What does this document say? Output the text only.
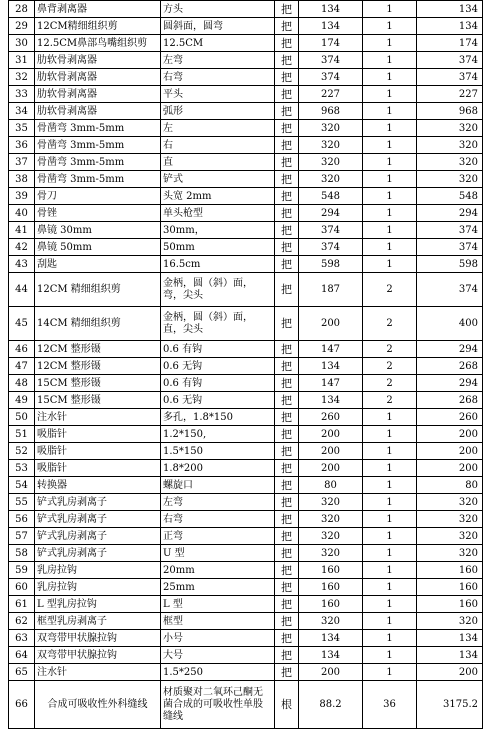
28	鼻背剥离器	方头	把	134	1	134
29	12CM精细组织剪	圆斜面，圆弯	把	134	1	134
30	12.5CM鼻部鸟嘴组织剪	12.5CM	把	174	1	174
31	肋软骨剥离器	左弯	把	374	1	374
32	肋软骨剥离器	右弯	把	374	1	374
33	肋软骨剥离器	平头	把	227	1	227
34	肋软骨剥离器	弧形	把	968	1	968
35	骨凿弯 3mm-5mm	左	把	320	1	320
36	骨凿弯 3mm-5mm	右	把	320	1	320
37	骨凿弯 3mm-5mm	直	把	320	1	320
38	骨凿弯 3mm-5mm	铲式	把	320	1	320
39	骨刀	头宽 2mm	把	548	1	548
40	骨锉	单头枪型	把	294	1	294
41	鼻镜 30mm	30mm，	把	374	1	374
42	鼻镜 50mm	50mm	把	374	1	374
43	刮匙	16.5cm	把	598	1	598
44	12CM 精细组织剪	金柄，圆（斜）面，弯，尖头	把	187	2	374
45	14CM 精细组织剪	金柄，圆（斜）面，直，尖头	把	200	2	400
46	12CM 整形镊	0.6 有钩	把	147	2	294
47	12CM 整形镊	0.6 无钩	把	134	2	268
48	15CM 整形镊	0.6 有钩	把	147	2	294
49	15CM 整形镊	0.6 无钩	把	134	2	268
50	注水针	多孔，1.8*150	把	260	1	260
51	吸脂针	1.2*150,	把	200	1	200
52	吸脂针	1.5*150	把	200	1	200
53	吸脂针	1.8*200	把	200	1	200
54	转换器	螺旋口	把	80	1	80
55	铲式乳房剥离子	左弯	把	320	1	320
56	铲式乳房剥离子	右弯	把	320	1	320
57	铲式乳房剥离子	正弯	把	320	1	320
58	铲式乳房剥离子	U 型	把	320	1	320
59	乳房拉钩	20mm	把	160	1	160
60	乳房拉钩	25mm	把	160	1	160
61	L 型乳房拉钩	L 型	把	160	1	160
62	框型乳房剥离子	框型	把	320	1	320
63	双弯带甲状腺拉钩	小号	把	134	1	134
64	双弯带甲状腺拉钩	大号	把	134	1	134
65	注水针	1.5*250	把	200	1	200
66	合成可吸收性外科缝线	材质聚对二氧环己酮无菌合成的可吸收性单股缝线	根	88.2	36	3175.2
